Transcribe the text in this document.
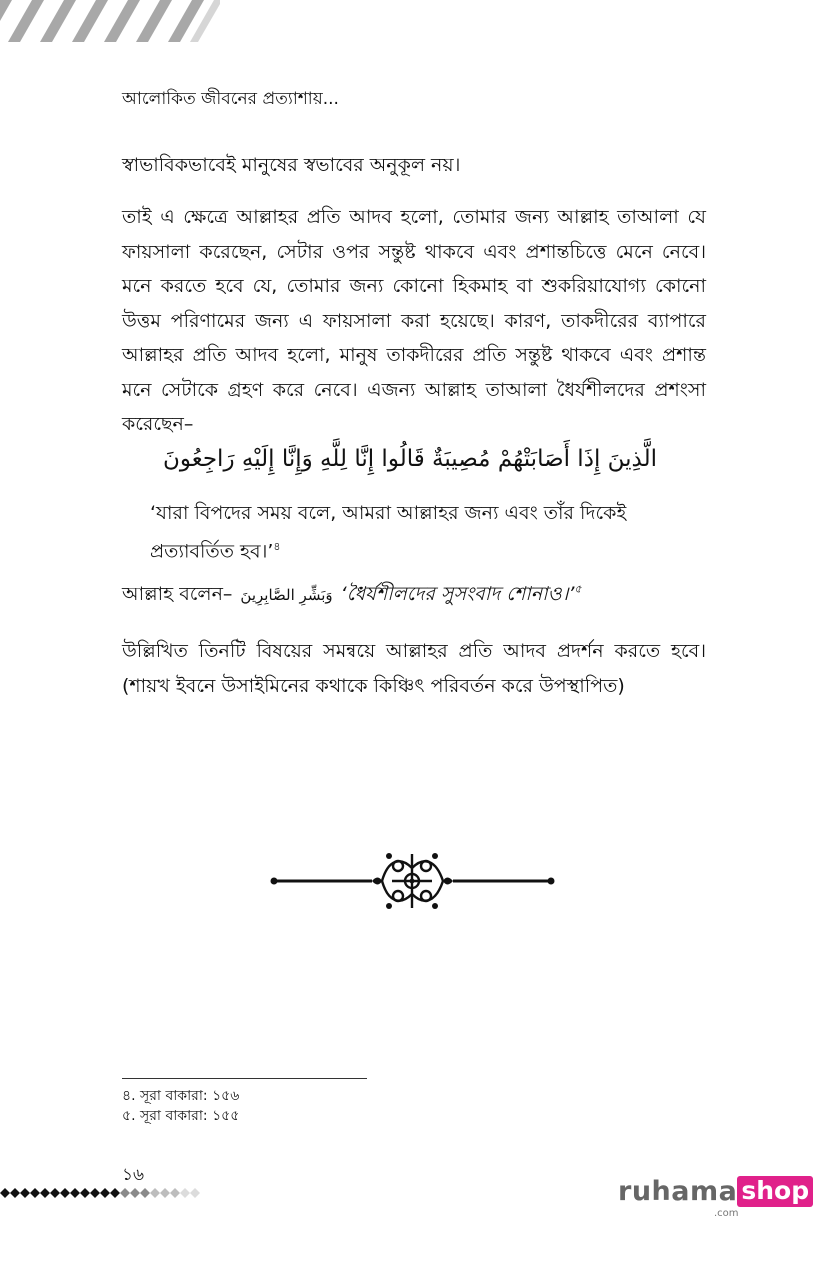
আলোকিত জীবনের প্রত্যাশায়...
স্বাভাবিকভাবেই মানুষের স্বভাবের অনুকূল নয়।
তাই এ ক্ষেত্রে আল্লাহর প্রতি আদব হলো, তোমার জন্য আল্লাহ তাআলা যে ফায়সালা করেছেন, সেটার ওপর সন্তুষ্ট থাকবে এবং প্রশান্তচিত্তে মেনে নেবে। মনে করতে হবে যে, তোমার জন্য কোনো হিকমাহ বা শুকরিয়াযোগ্য কোনো উত্তম পরিণামের জন্য এ ফায়সালা করা হয়েছে। কারণ, তাকদীরের ব্যাপারে আল্লাহর প্রতি আদব হলো, মানুষ তাকদীরের প্রতি সন্তুষ্ট থাকবে এবং প্রশান্ত মনে সেটাকে গ্রহণ করে নেবে। এজন্য আল্লাহ তাআলা ধৈর্যশীলদের প্রশংসা করেছেন–
الَّذِينَ إِذَا أَصَابَتْهُمْ مُصِيبَةٌ قَالُوا إِنَّا لِلَّهِ وَإِنَّا إِلَيْهِ رَاجِعُونَ
‘যারা বিপদের সময় বলে, আমরা আল্লাহর জন্য এবং তাঁর দিকেই প্রত্যাবর্তিত হব।’$^৪$
আল্লাহ বলেন– وَبَشِّرِ الصَّابِرِينَ ‘ধৈর্যশীলদের সুসংবাদ শোনাও।’$^৫$
উল্লিখিত তিনটি বিষয়ের সমন্বয়ে আল্লাহর প্রতি আদব প্রদর্শন করতে হবে। (শায়খ ইবনে উসাইমিনের কথাকে কিঞ্চিৎ পরিবর্তন করে উপস্থাপিত)
৪. সূরা বাকারা: ১৫৬
৫. সূরা বাকারা: ১৫৫
১৬
ruhama shop
.com
